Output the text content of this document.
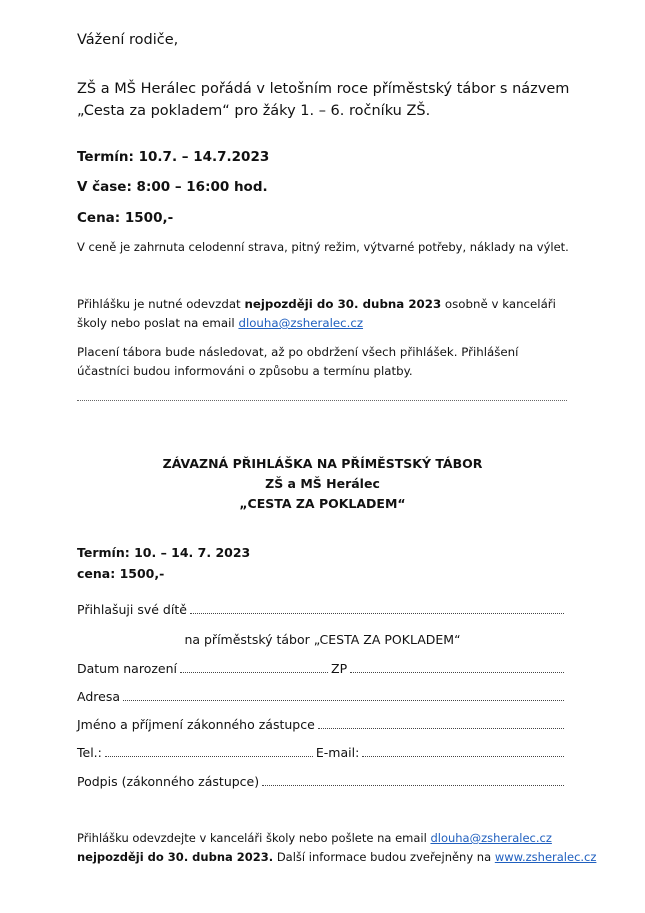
Vážení rodiče,
ZŠ a MŠ Herálec pořádá v letošním roce příměstský tábor s názvem
„Cesta za pokladem“ pro žáky 1. – 6. ročníku ZŠ.
Termín: 10.7. – 14.7.2023
V čase: 8:00 – 16:00 hod.
Cena: 1500,-
V ceně je zahrnuta celodenní strava, pitný režim, výtvarné potřeby, náklady na výlet.
Přihlášku je nutné odevzdat nejpozději do 30. dubna 2023 osobně v kanceláři
školy nebo poslat na email dlouha@zsheralec.cz
Placení tábora bude následovat, až po obdržení všech přihlášek. Přihlášení
účastníci budou informováni o způsobu a termínu platby.
ZÁVAZNÁ PŘIHLÁŠKA NA PŘÍMĚSTSKÝ TÁBOR
ZŠ a MŠ Herálec
„CESTA ZA POKLADEM“
Termín: 10. – 14. 7. 2023
cena: 1500,-
Přihlašuji své dítě
na příměstský tábor „CESTA ZA POKLADEM“
Datum narození	ZP
Adresa
Jméno a příjmení zákonného zástupce
Tel.:	E-mail:
Podpis (zákonného zástupce)
Přihlášku odevzdejte v kanceláři školy nebo pošlete na email dlouha@zsheralec.cz
nejpozději do 30. dubna 2023. Další informace budou zveřejněny na www.zsheralec.cz
